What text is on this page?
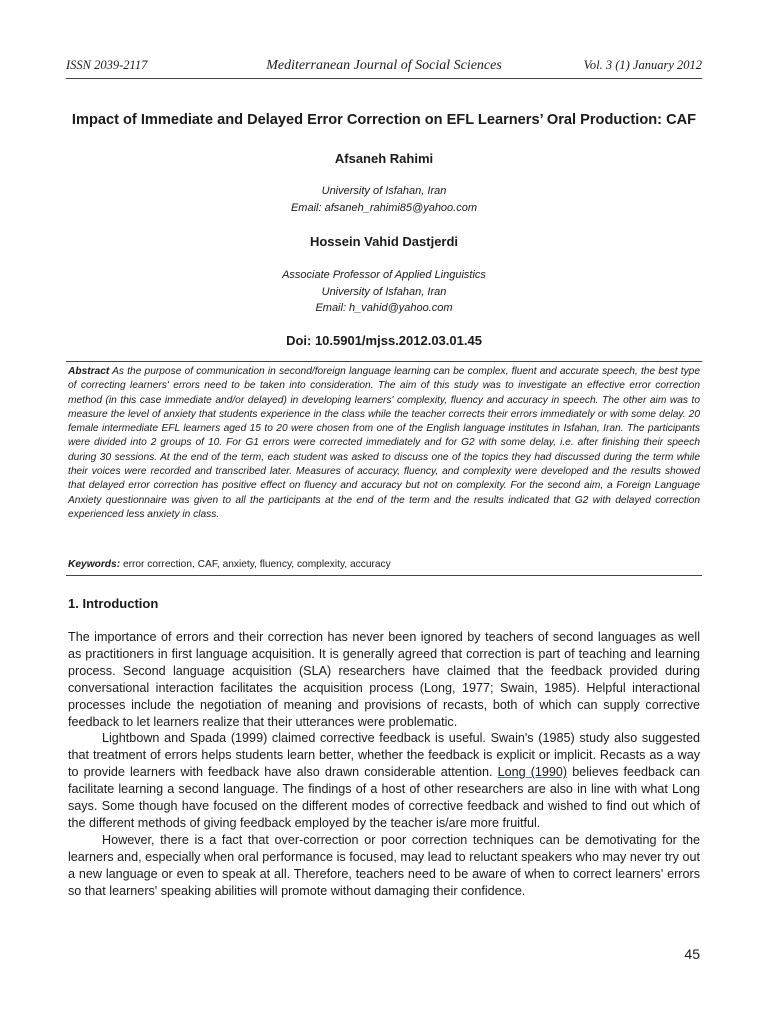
ISSN 2039-2117	Mediterranean Journal of Social Sciences	Vol. 3 (1) January 2012
Impact of Immediate and Delayed Error Correction on EFL Learners’ Oral Production: CAF
Afsaneh Rahimi
University of Isfahan, Iran
Email: afsaneh_rahimi85@yahoo.com
Hossein Vahid Dastjerdi
Associate Professor of Applied Linguistics
University of Isfahan, Iran
Email: h_vahid@yahoo.com
Doi: 10.5901/mjss.2012.03.01.45
Abstract As the purpose of communication in second/foreign language learning can be complex, fluent and accurate speech, the best type of correcting learners' errors need to be taken into consideration. The aim of this study was to investigate an effective error correction method (in this case immediate and/or delayed) in developing learners' complexity, fluency and accuracy in speech. The other aim was to measure the level of anxiety that students experience in the class while the teacher corrects their errors immediately or with some delay. 20 female intermediate EFL learners aged 15 to 20 were chosen from one of the English language institutes in Isfahan, Iran. The participants were divided into 2 groups of 10. For G1 errors were corrected immediately and for G2 with some delay, i.e. after finishing their speech during 30 sessions. At the end of the term, each student was asked to discuss one of the topics they had discussed during the term while their voices were recorded and transcribed later. Measures of accuracy, fluency, and complexity were developed and the results showed that delayed error correction has positive effect on fluency and accuracy but not on complexity. For the second aim, a Foreign Language Anxiety questionnaire was given to all the participants at the end of the term and the results indicated that G2 with delayed correction experienced less anxiety in class.
Keywords: error correction, CAF, anxiety, fluency, complexity, accuracy
1. Introduction

The importance of errors and their correction has never been ignored by teachers of second languages as well as practitioners in first language acquisition. It is generally agreed that correction is part of teaching and learning process. Second language acquisition (SLA) researchers have claimed that the feedback provided during conversational interaction facilitates the acquisition process (Long, 1977; Swain, 1985). Helpful interactional processes include the negotiation of meaning and provisions of recasts, both of which can supply corrective feedback to let learners realize that their utterances were problematic.

Lightbown and Spada (1999) claimed corrective feedback is useful. Swain's (1985) study also suggested that treatment of errors helps students learn better, whether the feedback is explicit or implicit. Recasts as a way to provide learners with feedback have also drawn considerable attention. Long (1990) believes feedback can facilitate learning a second language. The findings of a host of other researchers are also in line with what Long says. Some though have focused on the different modes of corrective feedback and wished to find out which of the different methods of giving feedback employed by the teacher is/are more fruitful.

However, there is a fact that over-correction or poor correction techniques can be demotivating for the learners and, especially when oral performance is focused, may lead to reluctant speakers who may never try out a new language or even to speak at all. Therefore, teachers need to be aware of when to correct learners' errors so that learners' speaking abilities will promote without damaging their confidence.

45
